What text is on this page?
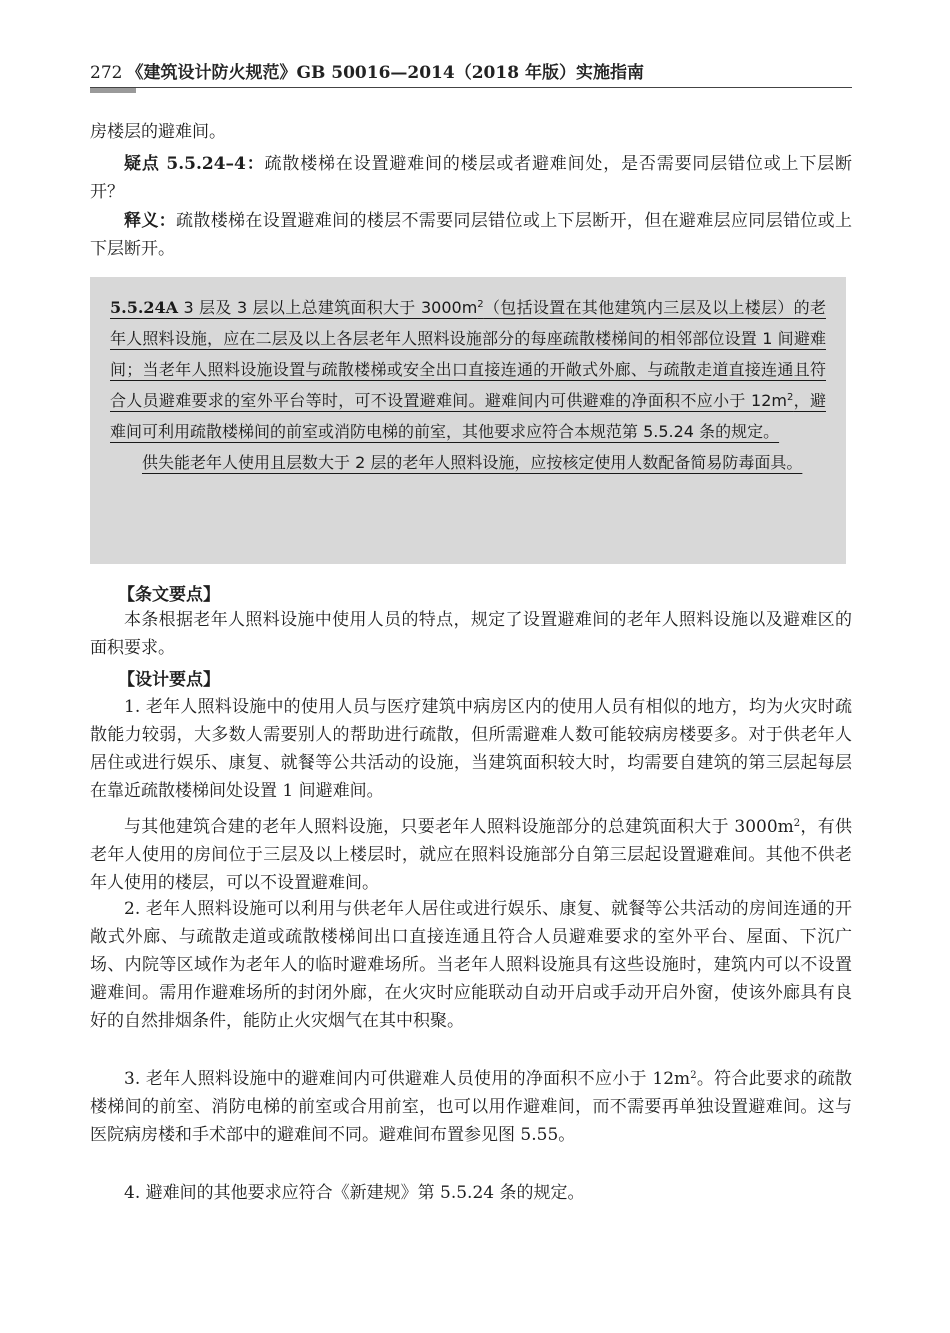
272 《建筑设计防火规范》GB 50016—2014（2018 年版）实施指南
房楼层的避难间。
疑点 5.5.24–4：疏散楼梯在设置避难间的楼层或者避难间处，是否需要同层错位或上下层断开？
释义：疏散楼梯在设置避难间的楼层不需要同层错位或上下层断开，但在避难层应同层错位或上下层断开。

5.5.24A 3 层及 3 层以上总建筑面积大于 $3000m^2$（包括设置在其他建筑内三层及以上楼层）的老年人照料设施，应在二层及以上各层老年人照料设施部分的每座疏散楼梯间的相邻部位设置 1 间避难间；当老年人照料设施设置与疏散楼梯或安全出口直接连通的开敞式外廊、与疏散走道直接连通且符合人员避难要求的室外平台等时，可不设置避难间。避难间内可供避难的净面积不应小于 $12m^2$，避难间可利用疏散楼梯间的前室或消防电梯的前室，其他要求应符合本规范第 5.5.24 条的规定。

供失能老年人使用且层数大于 2 层的老年人照料设施，应按核定使用人数配备简易防毒面具。

【条文要点】
本条根据老年人照料设施中使用人员的特点，规定了设置避难间的老年人照料设施以及避难区的面积要求。
【设计要点】
1. 老年人照料设施中的使用人员与医疗建筑中病房区内的使用人员有相似的地方，均为火灾时疏散能力较弱，大多数人需要别人的帮助进行疏散，但所需避难人数可能较病房楼要多。对于供老年人居住或进行娱乐、康复、就餐等公共活动的设施，当建筑面积较大时，均需要自建筑的第三层起每层在靠近疏散楼梯间处设置 1 间避难间。
与其他建筑合建的老年人照料设施，只要老年人照料设施部分的总建筑面积大于 $3000m^2$，有供老年人使用的房间位于三层及以上楼层时，就应在照料设施部分自第三层起设置避难间。其他不供老年人使用的楼层，可以不设置避难间。
2. 老年人照料设施可以利用与供老年人居住或进行娱乐、康复、就餐等公共活动的房间连通的开敞式外廊、与疏散走道或疏散楼梯间出口直接连通且符合人员避难要求的室外平台、屋面、下沉广场、内院等区域作为老年人的临时避难场所。当老年人照料设施具有这些设施时，建筑内可以不设置避难间。需用作避难场所的封闭外廊，在火灾时应能联动自动开启或手动开启外窗，使该外廊具有良好的自然排烟条件，能防止火灾烟气在其中积聚。
3. 老年人照料设施中的避难间内可供避难人员使用的净面积不应小于 $12m^2$。符合此要求的疏散楼梯间的前室、消防电梯的前室或合用前室，也可以用作避难间，而不需要再单独设置避难间。这与医院病房楼和手术部中的避难间不同。避难间布置参见图 5.55。
4. 避难间的其他要求应符合《新建规》第 5.5.24 条的规定。
